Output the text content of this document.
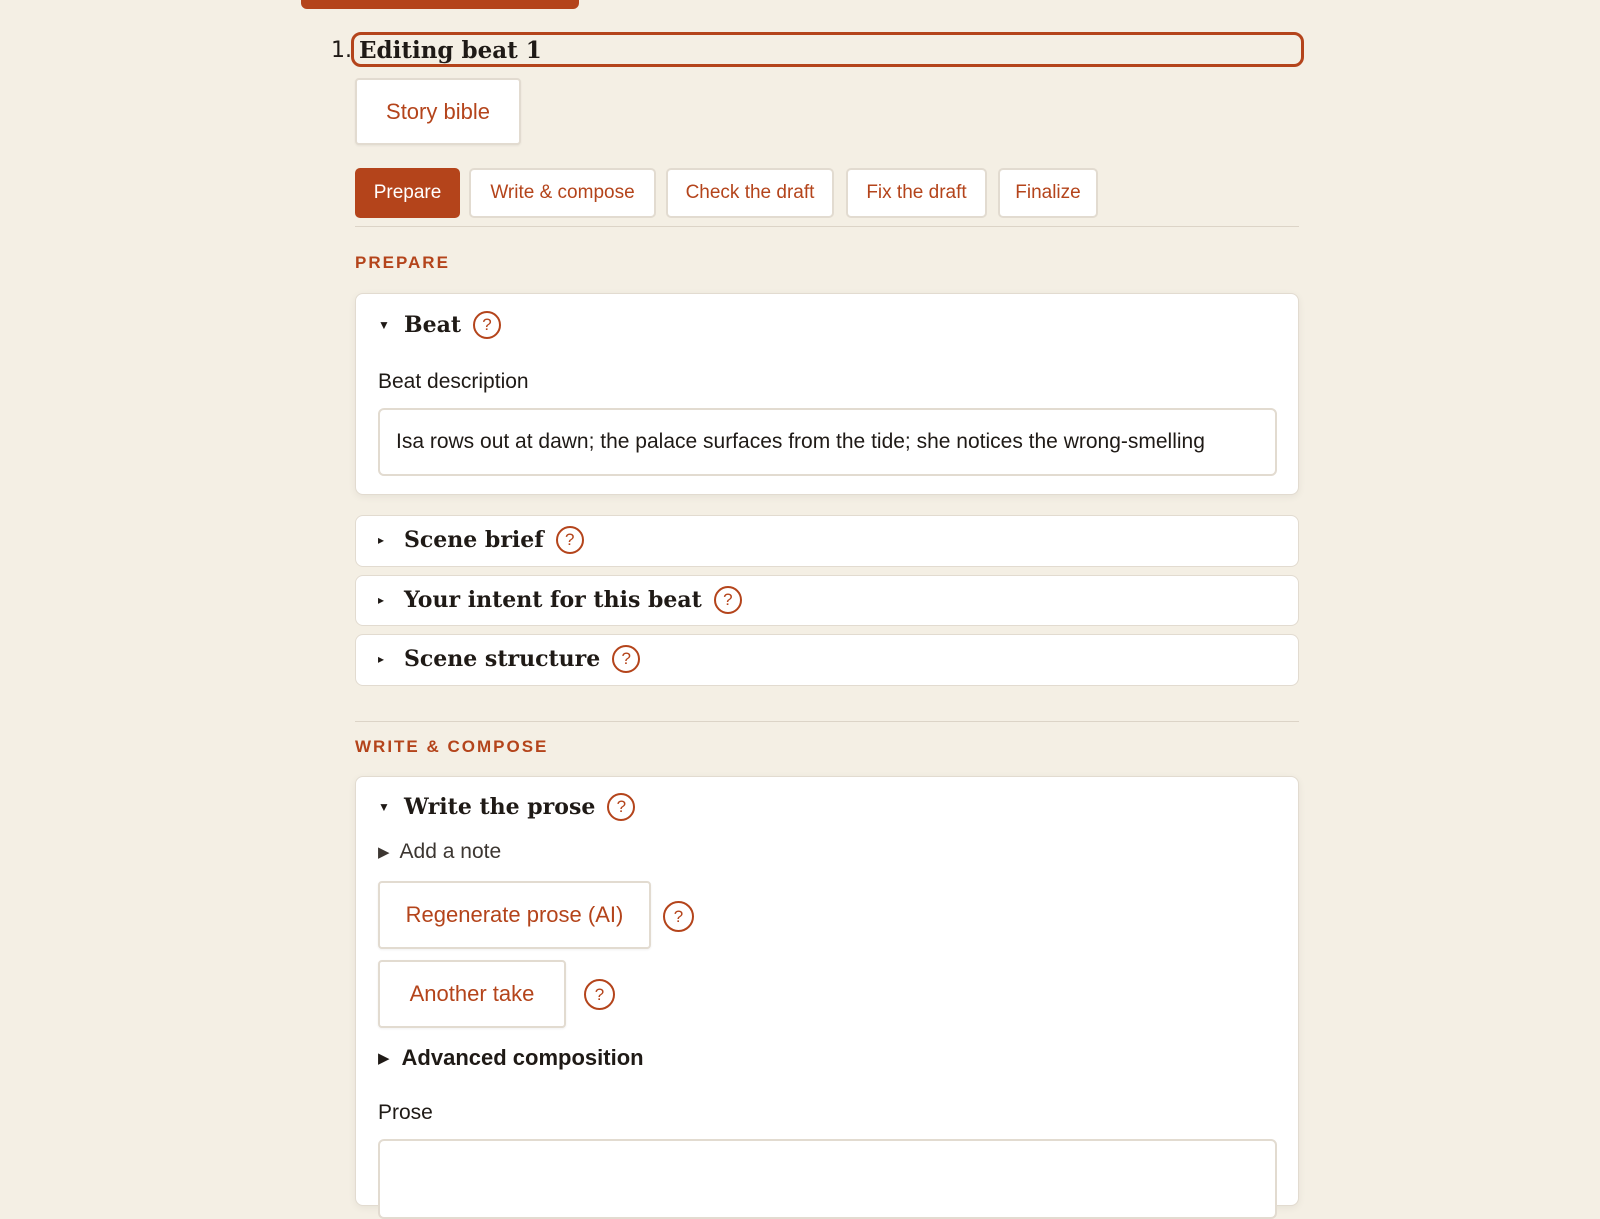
1. Editing beat 1
Story bible
Prepare	Write & compose	Check the draft	Fix the draft	Finalize
PREPARE
▼ Beat	?
Beat description
Isa rows out at dawn; the palace surfaces from the tide; she notices the wrong-smelling
▸ Scene brief	?
▸ Your intent for this beat	?
▸ Scene structure	?
WRITE & COMPOSE
▼ Write the prose	?
▶ Add a note
Regenerate prose (AI)	?
Another take	?
▶ Advanced composition
Prose
